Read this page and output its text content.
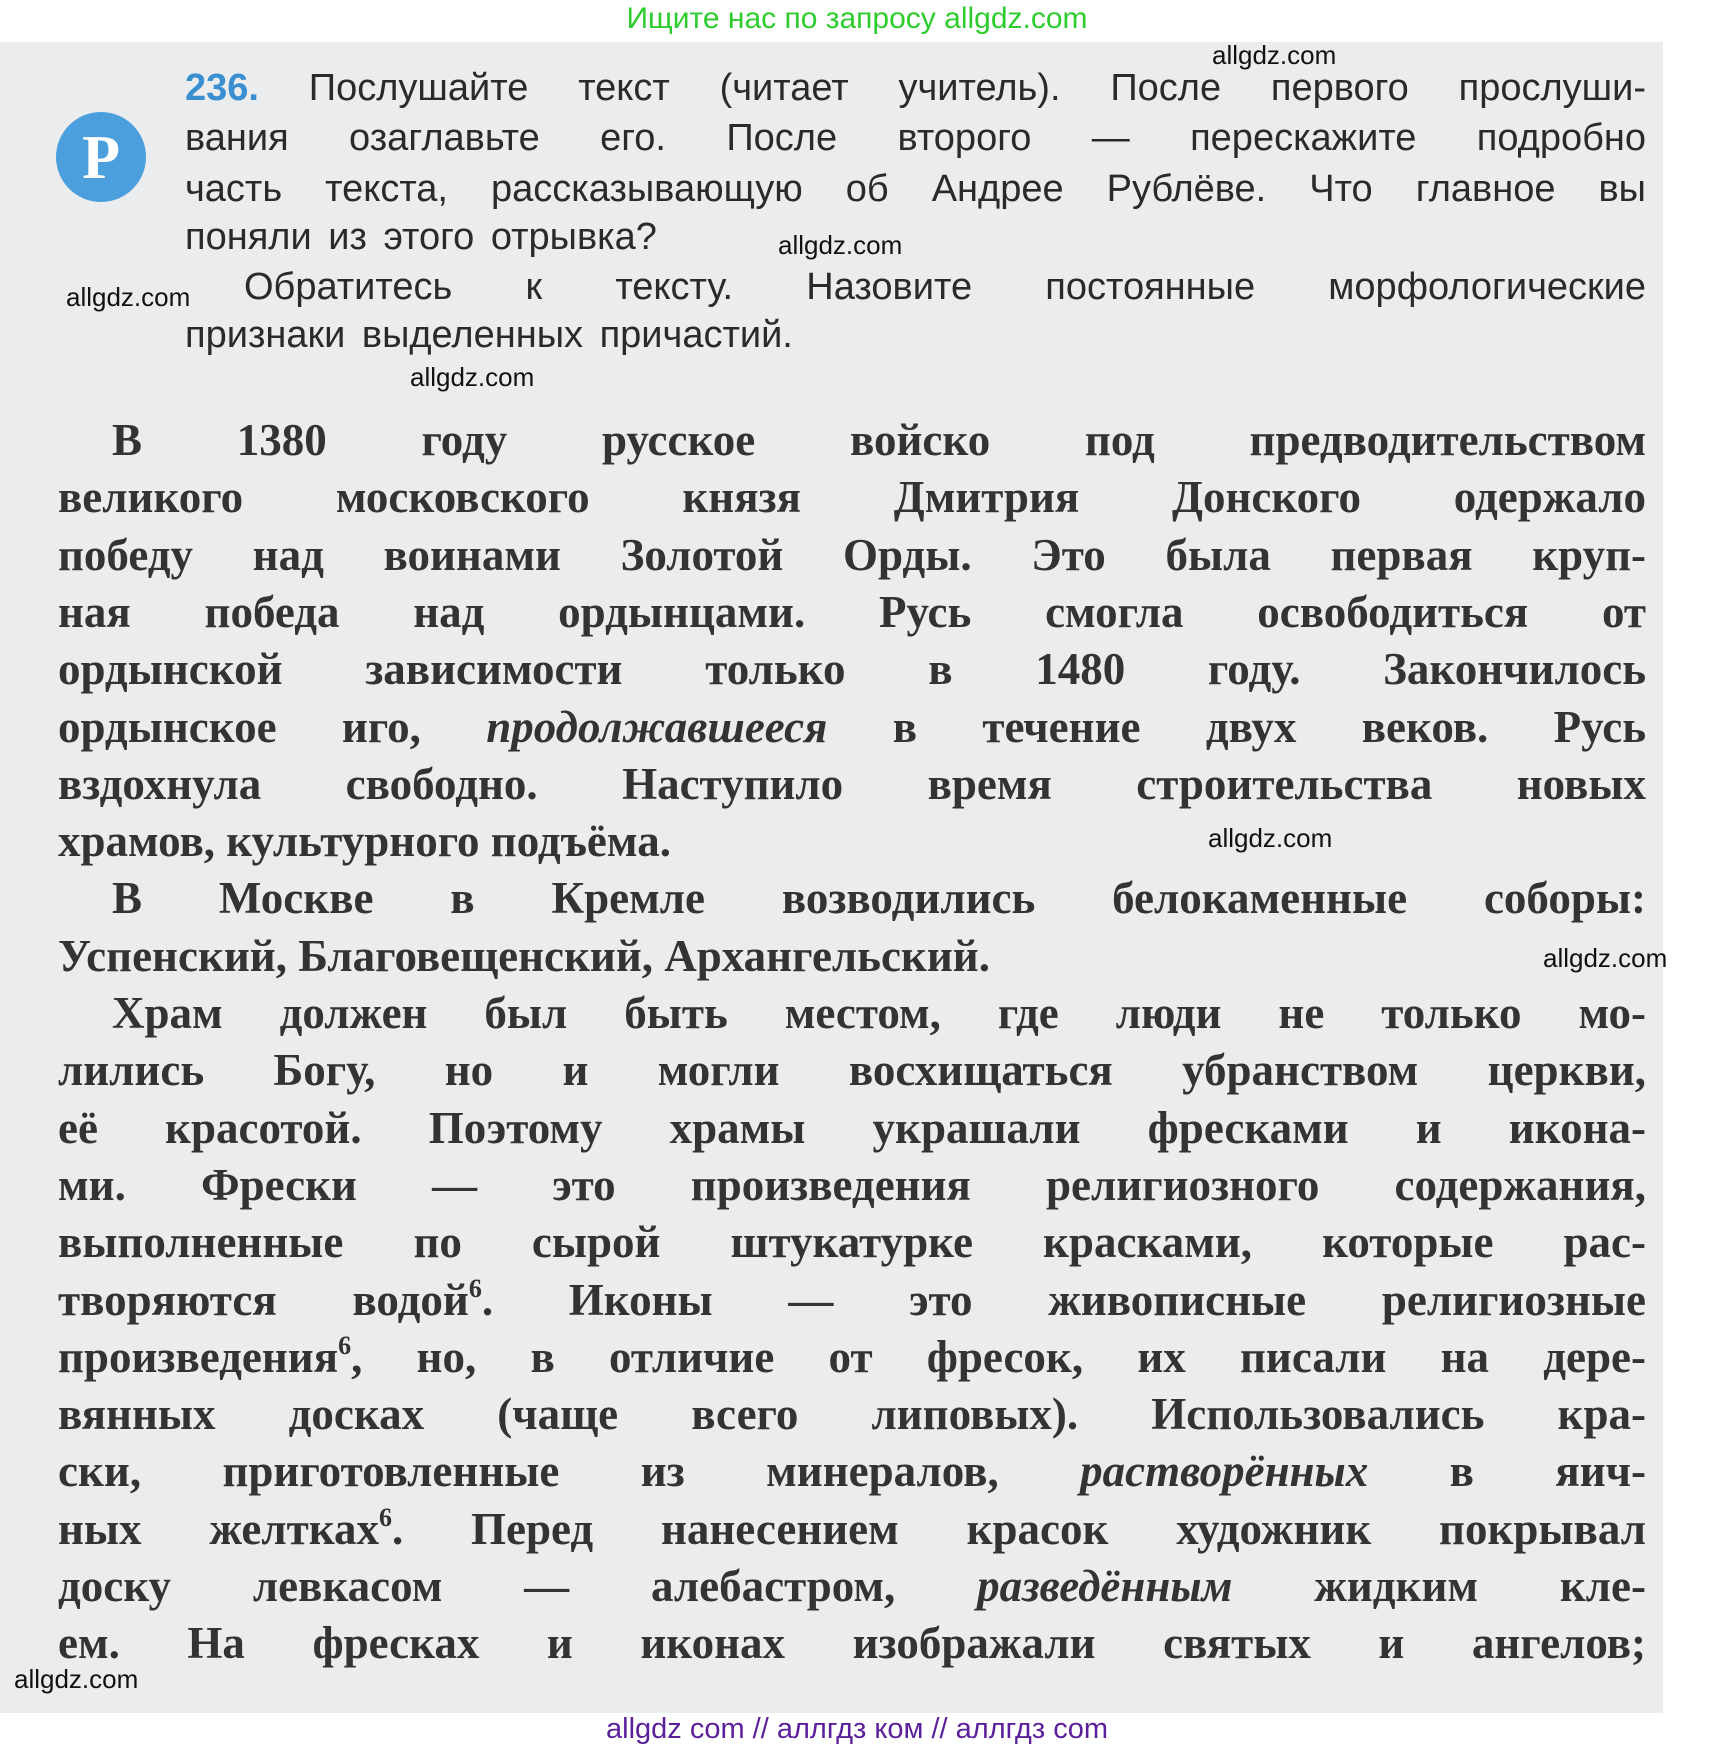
Ищите нас по запросу allgdz.com
Р
236. Послушайте текст (читает учитель). После первого прослуши-
вания озаглавьте его. После второго — перескажите подробно
часть текста, рассказывающую об Андрее Рублёве. Что главное вы
поняли из этого отрывка?
Обратитесь к тексту. Назовите постоянные морфологические
признаки выделенных причастий.
В 1380 году русское войско под предводительством
великого московского князя Дмитрия Донского одержало
победу над воинами Золотой Орды. Это была первая круп-
ная победа над ордынцами. Русь смогла освободиться от
ордынской зависимости только в 1480 году. Закончилось
ордынское иго, продолжавшееся в течение двух веков. Русь
вздохнула свободно. Наступило время строительства новых
храмов, культурного подъёма.
В Москве в Кремле возводились белокаменные соборы:
Успенский, Благовещенский, Архангельский.
Храм должен был быть местом, где люди не только мо-
лились Богу, но и могли восхищаться убранством церкви,
её красотой. Поэтому храмы украшали фресками и икона-
ми. Фрески — это произведения религиозного содержания,
выполненные по сырой штукатурке красками, которые рас-
творяются водой$^6$. Иконы — это живописные религиозные
произведения$^6$, но, в отличие от фресок, их писали на дере-
вянных досках (чаще всего липовых). Использовались кра-
ски, приготовленные из минералов, растворённых в яич-
ных желтках$^6$. Перед нанесением красок художник покрывал
доску левкасом — алебастром, разведённым жидким кле-
ем. На фресках и иконах изображали святых и ангелов;
allgdz.com
allgdz.com
allgdz.com
allgdz.com
allgdz.com
allgdz.com
allgdz.com
allgdz com // аллгдз ком // аллгдз com
